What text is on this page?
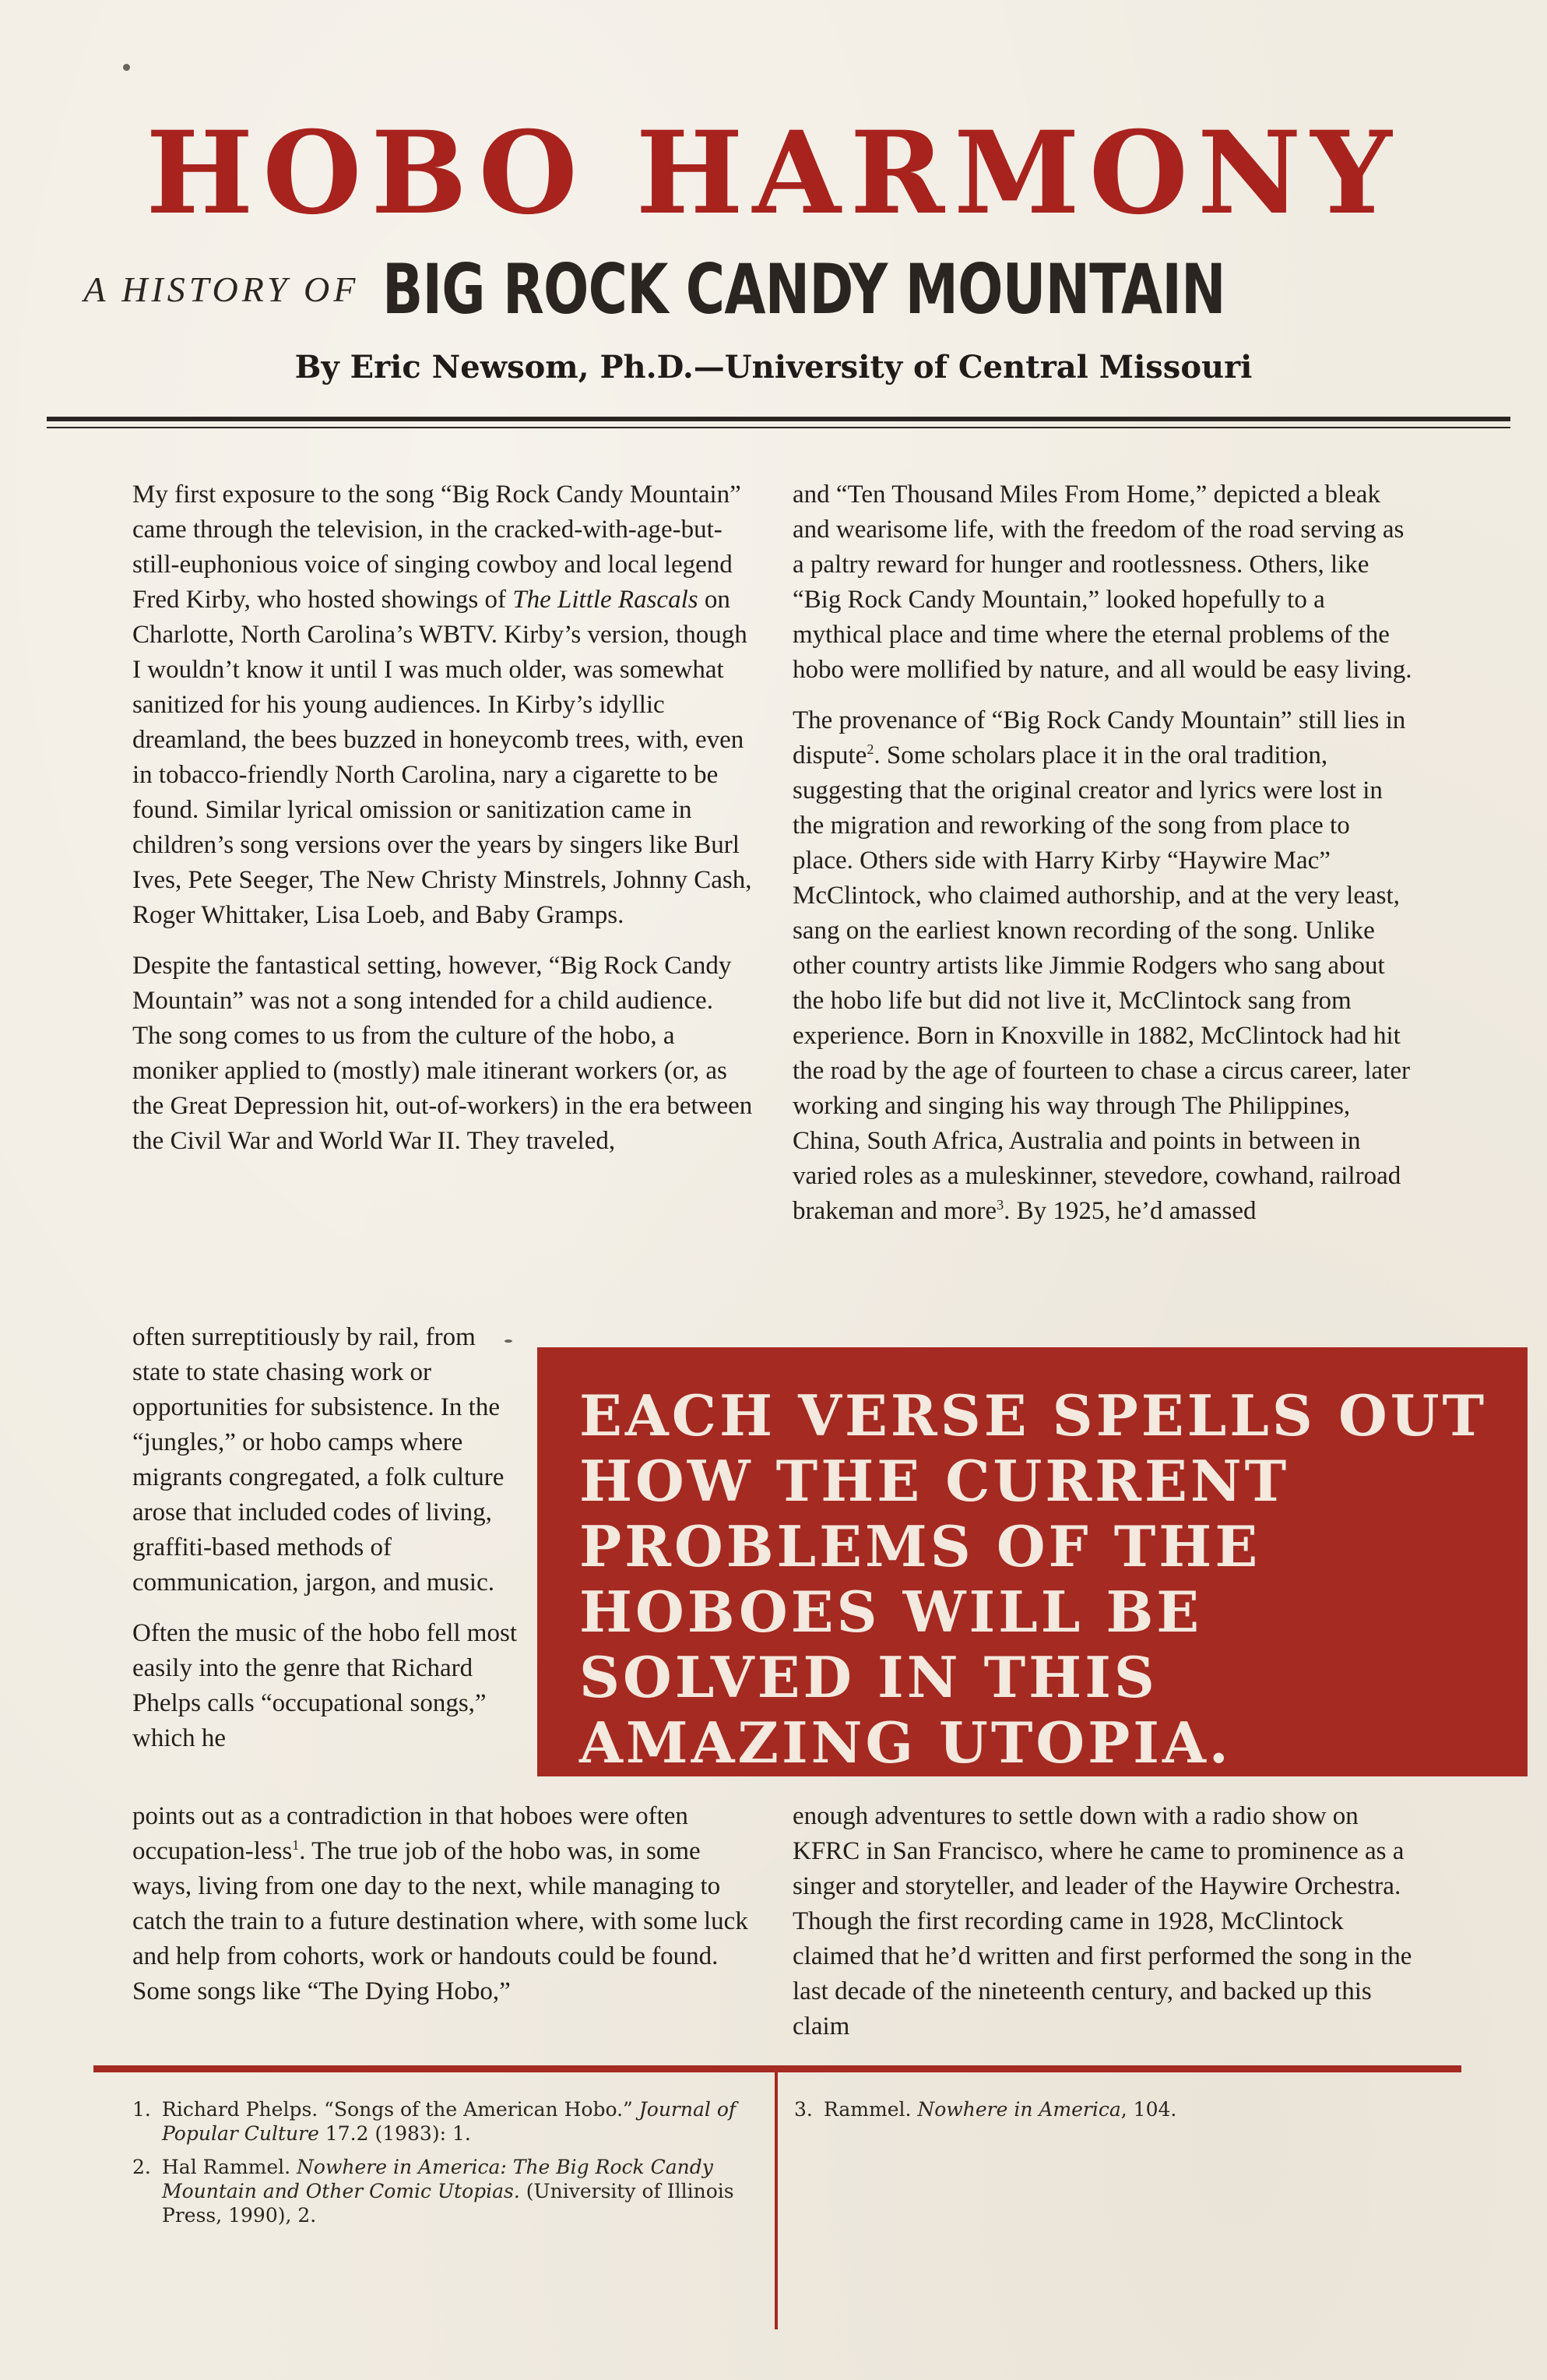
HOBO HARMONY
A HISTORY OF BIG ROCK CANDY MOUNTAIN
By Eric Newsom, Ph.D.—University of Central Missouri

My first exposure to the song “Big Rock Candy Mountain” came through the television, in the cracked-with-age-but-still-euphonious voice of singing cowboy and local legend Fred Kirby, who hosted showings of The Little Rascals on Charlotte, North Carolina’s WBTV. Kirby’s version, though I wouldn’t know it until I was much older, was somewhat sanitized for his young audiences. In Kirby’s idyllic dreamland, the bees buzzed in honeycomb trees, with, even in tobacco-friendly North Carolina, nary a cigarette to be found. Similar lyrical omission or sanitization came in children’s song versions over the years by singers like Burl Ives, Pete Seeger, The New Christy Minstrels, Johnny Cash, Roger Whittaker, Lisa Loeb, and Baby Gramps.

Despite the fantastical setting, however, “Big Rock Candy Mountain” was not a song intended for a child audience. The song comes to us from the culture of the hobo, a moniker applied to (mostly) male itinerant workers (or, as the Great Depression hit, out-of-workers) in the era between the Civil War and World War II. They traveled,

often surreptitiously by rail, from state to state chasing work or opportunities for subsistence. In the “jungles,” or hobo camps where migrants congregated, a folk culture arose that included codes of living, graffiti-based methods of communication, jargon, and music.

Often the music of the hobo fell most easily into the genre that Richard Phelps calls “occupational songs,” which he

points out as a contradiction in that hoboes were often occupation-less$^1$. The true job of the hobo was, in some ways, living from one day to the next, while managing to catch the train to a future destination where, with some luck and help from cohorts, work or handouts could be found. Some songs like “The Dying Hobo,”

and “Ten Thousand Miles From Home,” depicted a bleak and wearisome life, with the freedom of the road serving as a paltry reward for hunger and rootlessness. Others, like “Big Rock Candy Mountain,” looked hopefully to a mythical place and time where the eternal problems of the hobo were mollified by nature, and all would be easy living.

The provenance of “Big Rock Candy Mountain” still lies in dispute$^2$. Some scholars place it in the oral tradition, suggesting that the original creator and lyrics were lost in the migration and reworking of the song from place to place. Others side with Harry Kirby “Haywire Mac” McClintock, who claimed authorship, and at the very least, sang on the earliest known recording of the song. Unlike other country artists like Jimmie Rodgers who sang about the hobo life but did not live it, McClintock sang from experience. Born in Knoxville in 1882, McClintock had hit the road by the age of fourteen to chase a circus career, later working and singing his way through The Philippines, China, South Africa, Australia and points in between in varied roles as a muleskinner, stevedore, cowhand, railroad brakeman and more$^3$. By 1925, he’d amassed

EACH VERSE SPELLS OUT HOW THE CURRENT PROBLEMS OF THE HOBOES WILL BE SOLVED IN THIS AMAZING UTOPIA.

enough adventures to settle down with a radio show on KFRC in San Francisco, where he came to prominence as a singer and storyteller, and leader of the Haywire Orchestra. Though the first recording came in 1928, McClintock claimed that he’d written and first performed the song in the last decade of the nineteenth century, and backed up this claim

1. Richard Phelps. “Songs of the American Hobo.” Journal of Popular Culture 17.2 (1983): 1.
2. Hal Rammel. Nowhere in America: The Big Rock Candy Mountain and Other Comic Utopias. (University of Illinois Press, 1990), 2.
3. Rammel. Nowhere in America, 104.
